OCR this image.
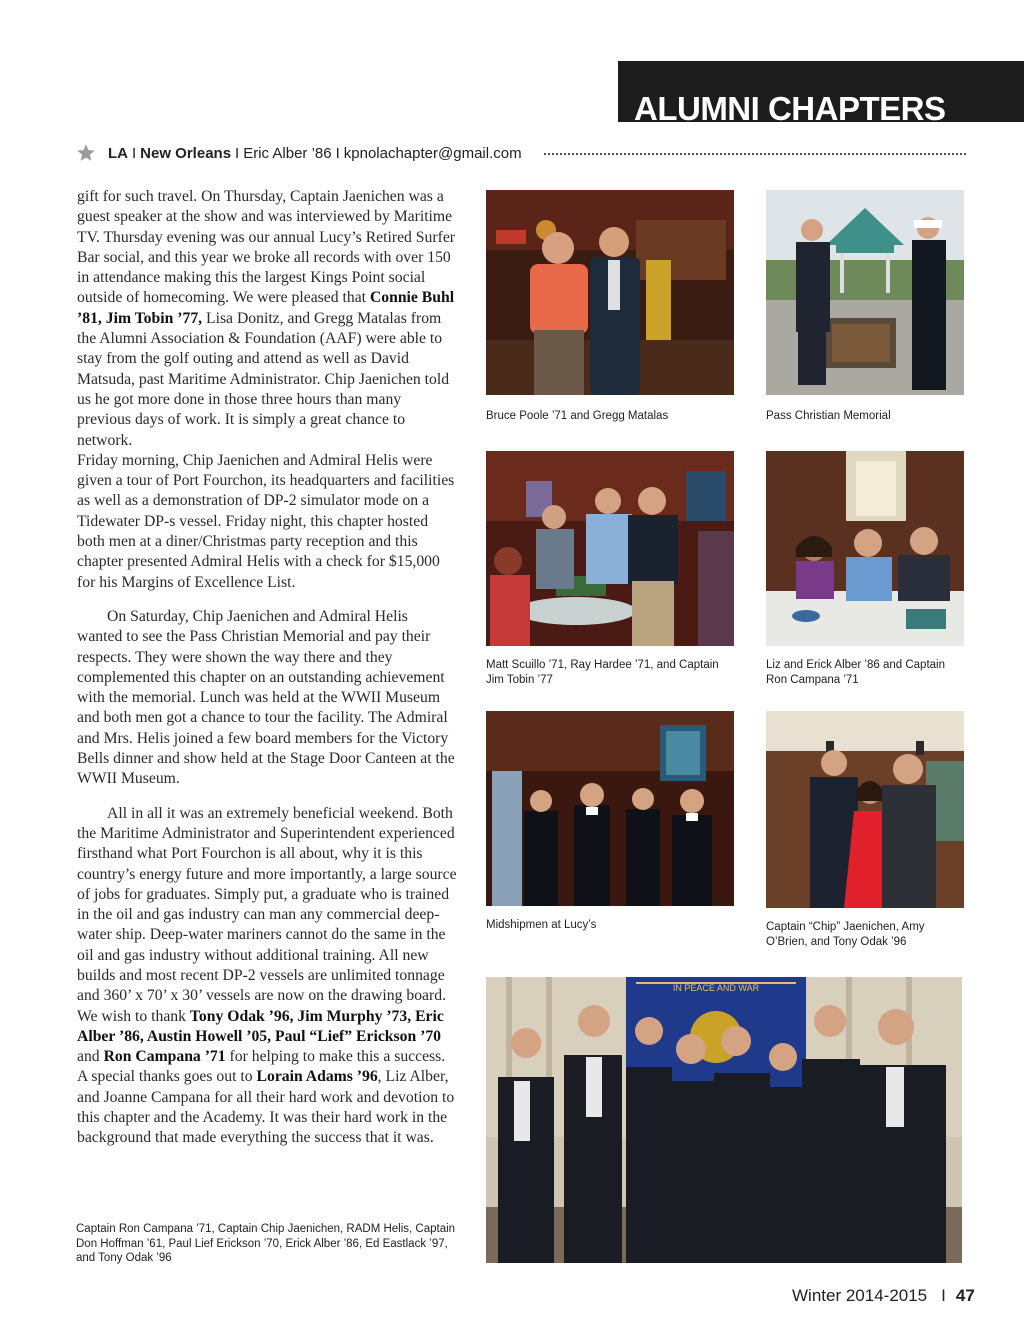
ALUMNI CHAPTERS
LA I New Orleans I Eric Alber ’86 I kpnolachapter@gmail.com

gift for such travel. On Thursday, Captain Jaenichen was a guest speaker at the show and was interviewed by Maritime TV. Thursday evening was our annual Lucy’s Retired Surfer Bar social, and this year we broke all records with over 150 in attendance making this the largest Kings Point social outside of homecoming. We were pleased that Connie Buhl ’81, Jim Tobin ’77, Lisa Donitz, and Gregg Matalas from the Alumni Association & Foundation (AAF) were able to stay from the golf outing and attend as well as David Matsuda, past Maritime Administrator. Chip Jaenichen told us he got more done in those three hours than many previous days of work. It is simply a great chance to network.
Friday morning, Chip Jaenichen and Admiral Helis were given a tour of Port Fourchon, its headquarters and facilities as well as a demonstration of DP-2 simulator mode on a Tidewater DP-s vessel. Friday night, this chapter hosted both men at a diner/Christmas party reception and this chapter presented Admiral Helis with a check for $15,000 for his Margins of Excellence List.

On Saturday, Chip Jaenichen and Admiral Helis wanted to see the Pass Christian Memorial and pay their respects. They were shown the way there and they complemented this chapter on an outstanding achievement with the memorial. Lunch was held at the WWII Museum and both men got a chance to tour the facility. The Admiral and Mrs. Helis joined a few board members for the Victory Bells dinner and show held at the Stage Door Canteen at the WWII Museum.

All in all it was an extremely beneficial weekend. Both the Maritime Administrator and Superintendent experienced firsthand what Port Fourchon is all about, why it is this country’s energy future and more importantly, a large source of jobs for graduates. Simply put, a graduate who is trained in the oil and gas industry can man any commercial deep-water ship. Deep-water mariners cannot do the same in the oil and gas industry without additional training. All new builds and most recent DP-2 vessels are unlimited tonnage and 360’ x 70’ x 30’ vessels are now on the drawing board. We wish to thank Tony Odak ’96, Jim Murphy ’73, Eric Alber ’86, Austin Howell ’05, Paul “Lief” Erickson ’70 and Ron Campana ’71 for helping to make this a success.
A special thanks goes out to Lorain Adams ’96, Liz Alber, and Joanne Campana for all their hard work and devotion to this chapter and the Academy. It was their hard work in the background that made everything the success that it was.

Bruce Poole ’71 and Gregg Matalas	Pass Christian Memorial
Matt Scuillo ’71, Ray Hardee ’71, and Captain Jim Tobin ’77
Liz and Erick Alber ’86 and Captain Ron Campana ’71
Midshipmen at Lucy’s	Captain “Chip” Jaenichen, Amy O’Brien, and Tony Odak ’96
IN PEACE AND WAR
Captain Ron Campana ’71, Captain Chip Jaenichen, RADM Helis, Captain Don Hoffman ’61, Paul Lief Erickson ’70, Erick Alber ’86, Ed Eastlack ’97, and Tony Odak ’96
Winter 2014-2015 I 47
